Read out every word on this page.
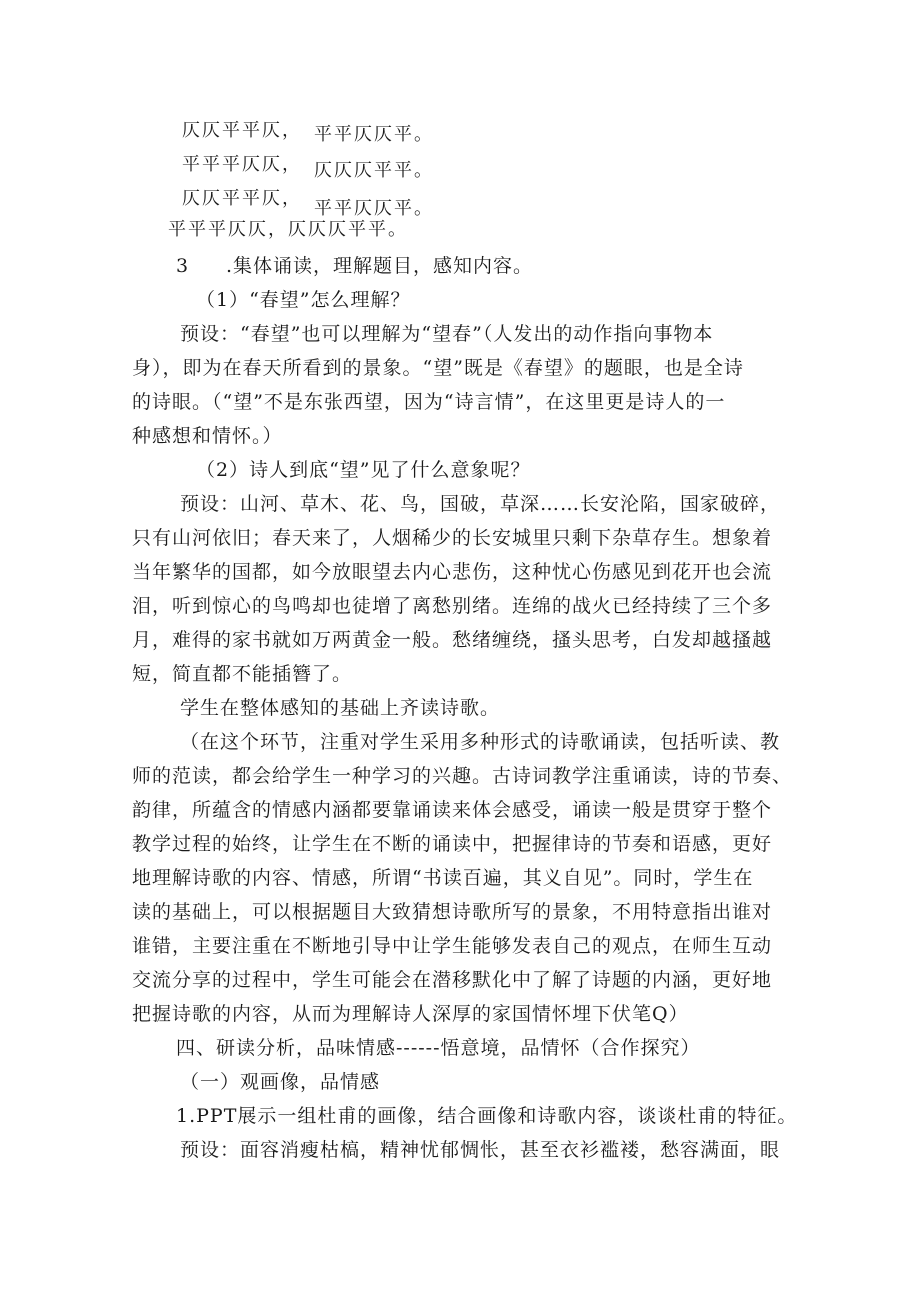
仄仄平平仄， 平平仄仄平。
平平平仄仄， 仄仄仄平平。
仄仄平平仄， 平平仄仄平。
平平平仄仄，仄仄仄平平。
3 .集体诵读，理解题目，感知内容。
（1）“春望”怎么理解？
预设：“春望”也可以理解为“望春”（人发出的动作指向事物本
身），即为在春天所看到的景象。“望”既是《春望》的题眼，也是全诗
的诗眼。（“望”不是东张西望，因为“诗言情”，在这里更是诗人的一
种感想和情怀。）
（2）诗人到底“望”见了什么意象呢？
预设：山河、草木、花、鸟，国破，草深……长安沦陷，国家破碎，
只有山河依旧；春天来了，人烟稀少的长安城里只剩下杂草存生。想象着
当年繁华的国都，如今放眼望去内心悲伤，这种忧心伤感见到花开也会流
泪，听到惊心的鸟鸣却也徒增了离愁别绪。连绵的战火已经持续了三个多
月，难得的家书就如万两黄金一般。愁绪缠绕，搔头思考，白发却越搔越
短，简直都不能插簪了。
学生在整体感知的基础上齐读诗歌。
（在这个环节，注重对学生采用多种形式的诗歌诵读，包括听读、教
师的范读，都会给学生一种学习的兴趣。古诗词教学注重诵读，诗的节奏、
韵律，所蕴含的情感内涵都要靠诵读来体会感受，诵读一般是贯穿于整个
教学过程的始终，让学生在不断的诵读中，把握律诗的节奏和语感，更好
地理解诗歌的内容、情感，所谓“书读百遍，其义自见”。同时，学生在
读的基础上，可以根据题目大致猜想诗歌所写的景象，不用特意指出谁对
谁错，主要注重在不断地引导中让学生能够发表自己的观点，在师生互动
交流分享的过程中，学生可能会在潜移默化中了解了诗题的内涵，更好地
把握诗歌的内容，从而为理解诗人深厚的家国情怀埋下伏笔Q）
四、研读分析，品味情感------悟意境，品情怀（合作探究）
（一）观画像，品情感
1.PPT展示一组杜甫的画像，结合画像和诗歌内容，谈谈杜甫的特征。
预设：面容消瘦枯槁，精神忧郁惆怅，甚至衣衫褴褛，愁容满面，眼
